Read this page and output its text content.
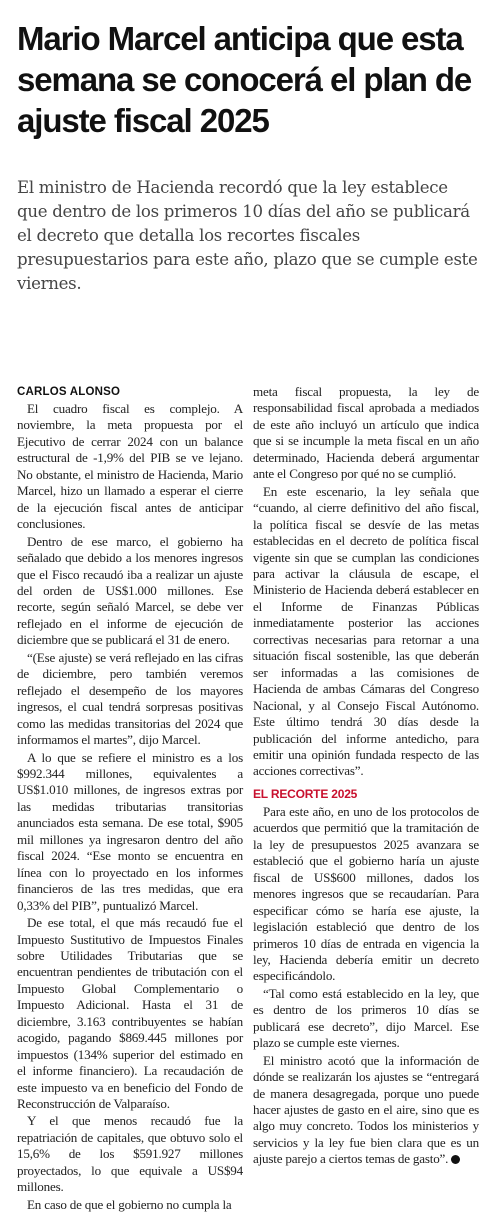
Mario Marcel anticipa que esta semana se conocerá el plan de ajuste fiscal 2025

El ministro de Hacienda recordó que la ley establece que dentro de los primeros 10 días del año se publicará el decreto que detalla los recortes fiscales presupuestarios para este año, plazo que se cumple este viernes.

CARLOS ALONSO

El cuadro fiscal es complejo. A noviembre, la meta propuesta por el Ejecutivo de cerrar 2024 con un balance estructural de -1,9% del PIB se ve lejano. No obstante, el ministro de Hacienda, Mario Marcel, hizo un llamado a esperar el cierre de la ejecución fiscal antes de anticipar conclusiones.

Dentro de ese marco, el gobierno ha señalado que debido a los menores ingresos que el Fisco recaudó iba a realizar un ajuste del orden de US$1.000 millones. Ese recorte, según señaló Marcel, se debe ver reflejado en el informe de ejecución de diciembre que se publicará el 31 de enero.

“(Ese ajuste) se verá reflejado en las cifras de diciembre, pero también veremos reflejado el desempeño de los mayores ingresos, el cual tendrá sorpresas positivas como las medidas transitorias del 2024 que informamos el martes”, dijo Marcel.

A lo que se refiere el ministro es a los $992.344 millones, equivalentes a US$1.010 millones, de ingresos extras por las medidas tributarias transitorias anunciados esta semana. De ese total, $905 mil millones ya ingresaron dentro del año fiscal 2024. “Ese monto se encuentra en línea con lo proyectado en los informes financieros de las tres medidas, que era 0,33% del PIB”, puntualizó Marcel.

De ese total, el que más recaudó fue el Impuesto Sustitutivo de Impuestos Finales sobre Utilidades Tributarias que se encuentran pendientes de tributación con el Impuesto Global Complementario o Impuesto Adicional. Hasta el 31 de diciembre, 3.163 contribuyentes se habían acogido, pagando $869.445 millones por impuestos (134% superior del estimado en el informe financiero). La recaudación de este impuesto va en beneficio del Fondo de Reconstrucción de Valparaíso.

Y el que menos recaudó fue la repatriación de capitales, que obtuvo solo el 15,6% de los $591.927 millones proyectados, lo que equivale a US$94 millones.

En caso de que el gobierno no cumpla la

meta fiscal propuesta, la ley de responsabilidad fiscal aprobada a mediados de este año incluyó un artículo que indica que si se incumple la meta fiscal en un año determinado, Hacienda deberá argumentar ante el Congreso por qué no se cumplió.

En este escenario, la ley señala que “cuando, al cierre definitivo del año fiscal, la política fiscal se desvíe de las metas establecidas en el decreto de política fiscal vigente sin que se cumplan las condiciones para activar la cláusula de escape, el Ministerio de Hacienda deberá establecer en el Informe de Finanzas Públicas inmediatamente posterior las acciones correctivas necesarias para retornar a una situación fiscal sostenible, las que deberán ser informadas a las comisiones de Hacienda de ambas Cámaras del Congreso Nacional, y al Consejo Fiscal Autónomo. Este último tendrá 30 días desde la publicación del informe antedicho, para emitir una opinión fundada respecto de las acciones correctivas”.

EL RECORTE 2025

Para este año, en uno de los protocolos de acuerdos que permitió que la tramitación de la ley de presupuestos 2025 avanzara se estableció que el gobierno haría un ajuste fiscal de US$600 millones, dados los menores ingresos que se recaudarían. Para especificar cómo se haría ese ajuste, la legislación estableció que dentro de los primeros 10 días de entrada en vigencia la ley, Hacienda debería emitir un decreto especificándolo.

“Tal como está establecido en la ley, que es dentro de los primeros 10 días se publicará ese decreto”, dijo Marcel. Ese plazo se cumple este viernes.

El ministro acotó que la información de dónde se realizarán los ajustes se “entregará de manera desagregada, porque uno puede hacer ajustes de gasto en el aire, sino que es algo muy concreto. Todos los ministerios y servicios y la ley fue bien clara que es un ajuste parejo a ciertos temas de gasto”.
